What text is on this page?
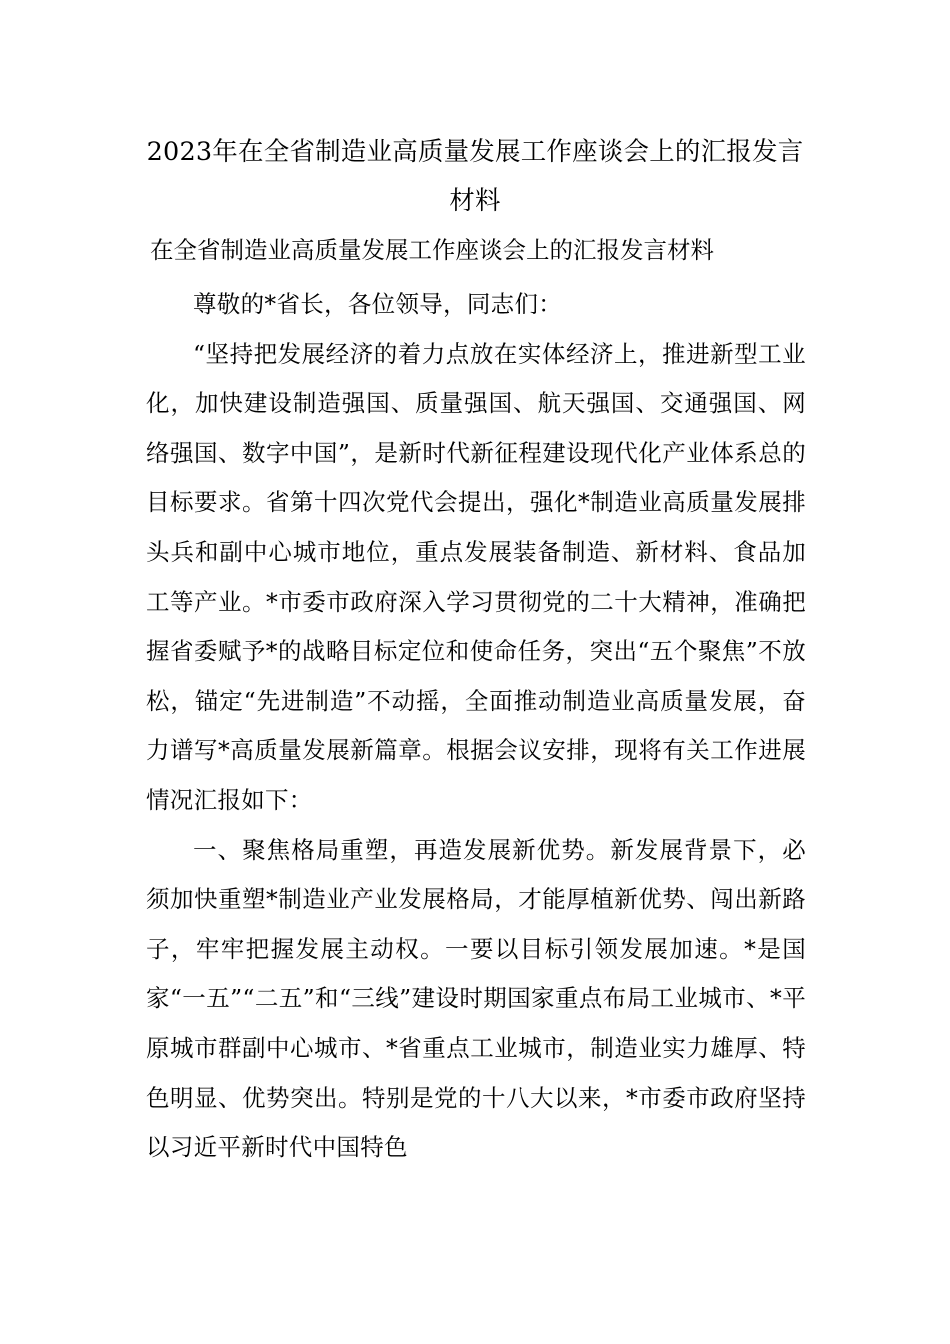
2023年在全省制造业高质量发展工作座谈会上的汇报发言材料
在全省制造业高质量发展工作座谈会上的汇报发言材料

尊敬的*省长，各位领导，同志们：

“坚持把发展经济的着力点放在实体经济上，推进新型工业化，加快建设制造强国、质量强国、航天强国、交通强国、网络强国、数字中国”，是新时代新征程建设现代化产业体系总的目标要求。省第十四次党代会提出，强化*制造业高质量发展排头兵和副中心城市地位，重点发展装备制造、新材料、食品加工等产业。*市委市政府深入学习贯彻党的二十大精神，准确把握省委赋予*的战略目标定位和使命任务，突出“五个聚焦”不放松，锚定“先进制造”不动摇，全面推动制造业高质量发展，奋力谱写*高质量发展新篇章。根据会议安排，现将有关工作进展情况汇报如下：

一、聚焦格局重塑，再造发展新优势。新发展背景下，必须加快重塑*制造业产业发展格局，才能厚植新优势、闯出新路子，牢牢把握发展主动权。一要以目标引领发展加速。*是国家“一五”“二五”和“三线”建设时期国家重点布局工业城市、*平原城市群副中心城市、*省重点工业城市，制造业实力雄厚、特色明显、优势突出。特别是党的十八大以来，*市委市政府坚持以习近平新时代中国特色
